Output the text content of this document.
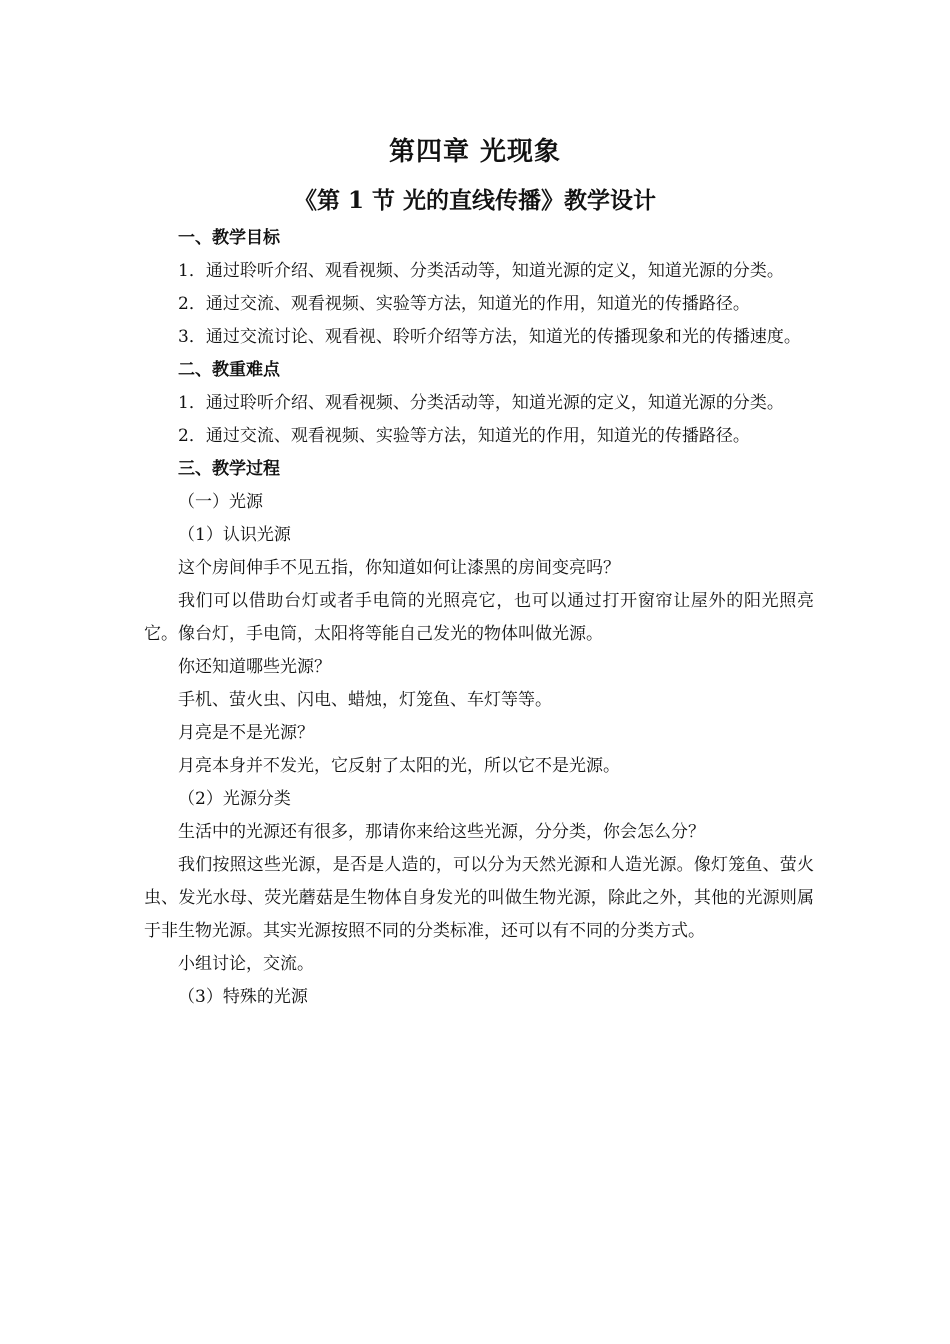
第四章 光现象
《第 1 节 光的直线传播》教学设计

一、教学目标

1．通过聆听介绍、观看视频、分类活动等，知道光源的定义，知道光源的分类。

2．通过交流、观看视频、实验等方法，知道光的作用，知道光的传播路径。

3．通过交流讨论、观看视、聆听介绍等方法，知道光的传播现象和光的传播速度。

二、教重难点

1．通过聆听介绍、观看视频、分类活动等，知道光源的定义，知道光源的分类。

2．通过交流、观看视频、实验等方法，知道光的作用，知道光的传播路径。

三、教学过程

（一）光源

（1）认识光源

这个房间伸手不见五指，你知道如何让漆黑的房间变亮吗？

我们可以借助台灯或者手电筒的光照亮它，也可以通过打开窗帘让屋外的阳光照亮它。像台灯，手电筒，太阳将等能自己发光的物体叫做光源。

你还知道哪些光源？

手机、萤火虫、闪电、蜡烛，灯笼鱼、车灯等等。

月亮是不是光源？

月亮本身并不发光，它反射了太阳的光，所以它不是光源。

（2）光源分类

生活中的光源还有很多，那请你来给这些光源，分分类，你会怎么分？

我们按照这些光源，是否是人造的，可以分为天然光源和人造光源。像灯笼鱼、萤火虫、发光水母、荧光蘑菇是生物体自身发光的叫做生物光源，除此之外，其他的光源则属于非生物光源。其实光源按照不同的分类标准，还可以有不同的分类方式。

小组讨论，交流。

（3）特殊的光源
